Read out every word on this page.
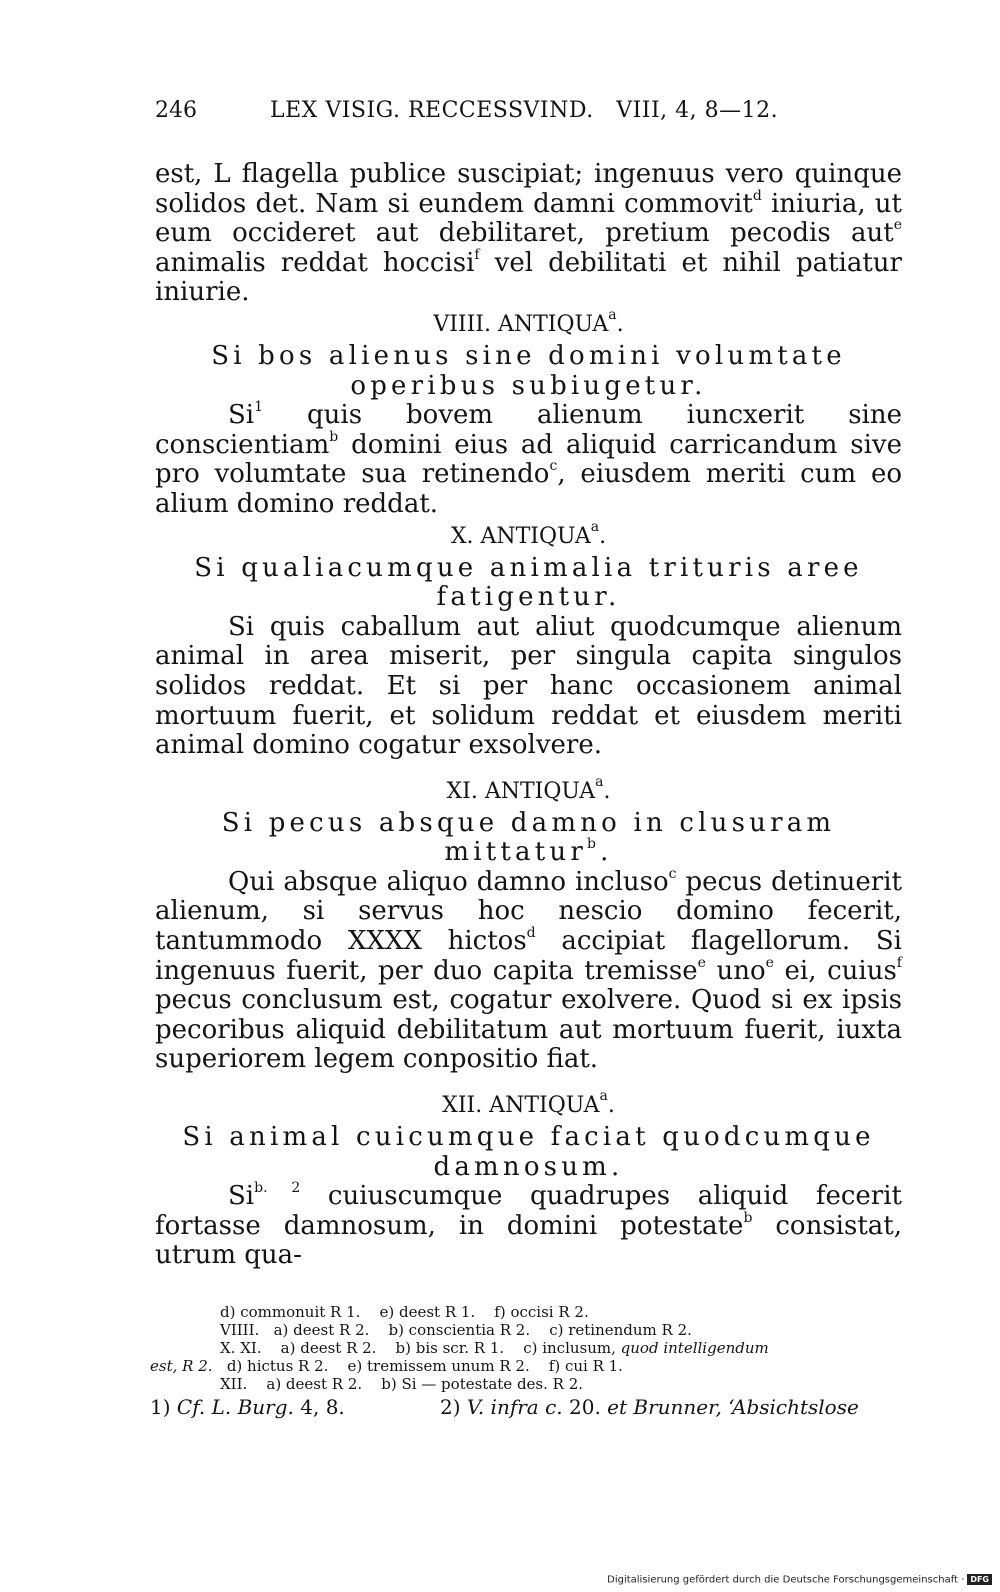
246	LEX VISIG. RECCESSVIND.   VIII, 4, 8—12.

est, L flagella publice suscipiat; ingenuus vero quinque solidos det. Nam si eundem damni commovit$^d$ iniuria, ut eum occideret aut debilitaret, pretium pecodis aut$^e$ animalis reddat hoccisi$^f$ vel debilitati et nihil patiatur iniurie.

VIIII. ANTIQUA$^a$.

Si bos alienus sine domini volumtate operibus subiugetur.

Si$^1$ quis bovem alienum iuncxerit sine conscientiam$^b$ domini eius ad aliquid carricandum sive pro volumtate sua retinendo$^c$, eiusdem meriti cum eo alium domino reddat.

X. ANTIQUA$^a$.

Si qualiacumque animalia trituris aree fatigentur.

Si quis caballum aut aliut quodcumque alienum animal in area miserit, per singula capita singulos solidos reddat. Et si per hanc occasionem animal mortuum fuerit, et solidum reddat et eiusdem meriti animal domino cogatur exsolvere.

XI. ANTIQUA$^a$.

Si pecus absque damno in clusuram mittatur$^b$.

Qui absque aliquo damno incluso$^c$ pecus detinuerit alienum, si servus hoc nescio domino fecerit, tantummodo XXXX hictos$^d$ accipiat flagellorum. Si ingenuus fuerit, per duo capita tremisse$^e$ uno$^e$ ei, cuius$^f$ pecus conclusum est, cogatur exolvere. Quod si ex ipsis pecoribus aliquid debilitatum aut mortuum fuerit, iuxta superiorem legem conpositio fiat.

XII. ANTIQUA$^a$.

Si animal cuicumque faciat quodcumque damnosum.

$Si^{b. 2}$ cuiuscumque quadrupes aliquid fecerit fortasse damnosum, in domini potestate$^b$ consistat, utrum qua-

d) commonuit R 1.    e) deest R 1.    f) occisi R 2.
VIIII.   a) deest R 2.    b) conscientia R 2.    c) retinendum R 2.
X. XI.    a) deest R 2.    b) bis scr. R 1.    c) inclusum, quod intelligendum
est, R 2.   d) hictus R 2.    e) tremissem unum R 2.    f) cui R 1.
XII.    a) deest R 2.    b) Si — potestate des. R 2.
1) Cf. L. Burg. 4, 8.	2) V. infra c. 20. et Brunner, ‘Absichtslose
Digitalisierung gefördert durch die Deutsche Forschungsgemeinschaft · DFG
